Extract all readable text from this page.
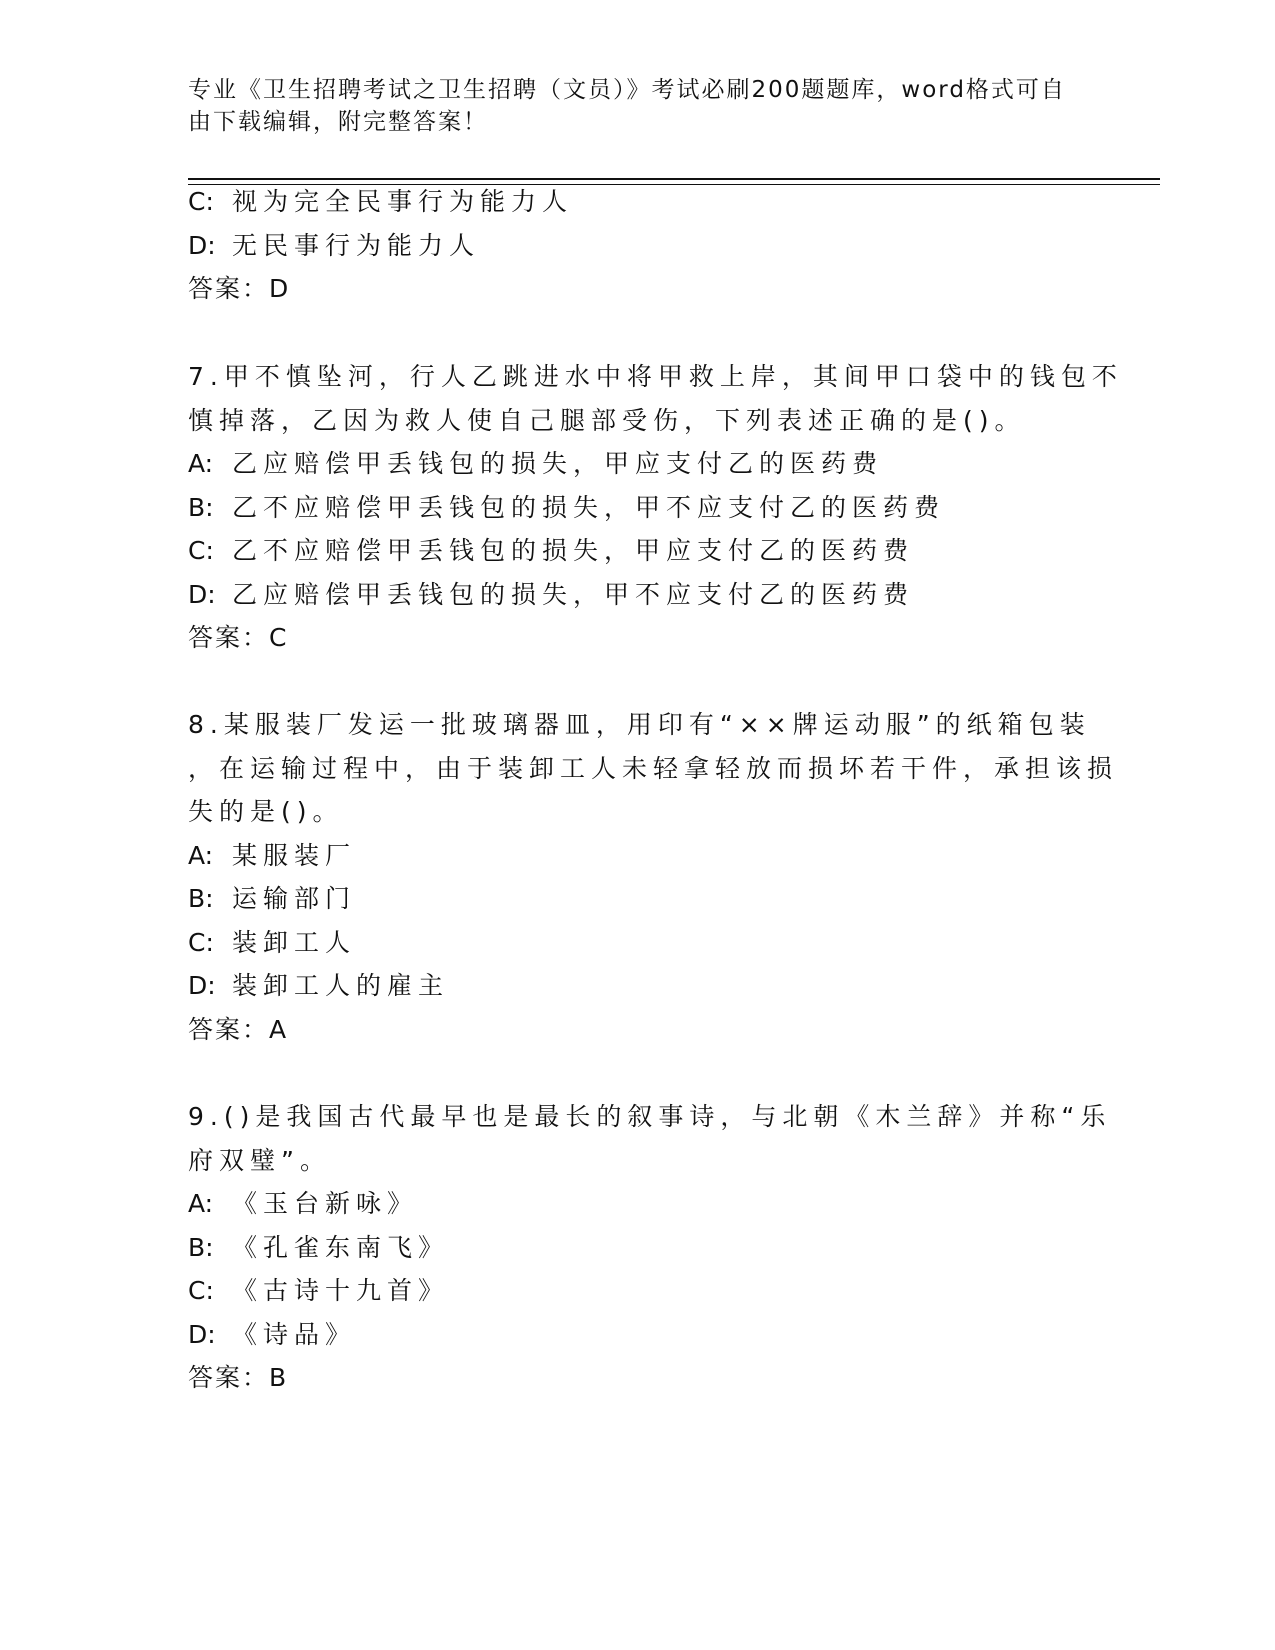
专业《卫生招聘考试之卫生招聘（文员）》考试必刷200题题库，word格式可自由下载编辑，附完整答案！
C: 视为完全民事行为能力人
D: 无民事行为能力人
答案：D
7.甲不慎坠河，行人乙跳进水中将甲救上岸，其间甲口袋中的钱包不
慎掉落，乙因为救人使自己腿部受伤，下列表述正确的是()。
A: 乙应赔偿甲丢钱包的损失，甲应支付乙的医药费
B: 乙不应赔偿甲丢钱包的损失，甲不应支付乙的医药费
C: 乙不应赔偿甲丢钱包的损失，甲应支付乙的医药费
D: 乙应赔偿甲丢钱包的损失，甲不应支付乙的医药费
答案：C
8.某服装厂发运一批玻璃器皿，用印有“××牌运动服”的纸箱包装
，在运输过程中，由于装卸工人未轻拿轻放而损坏若干件，承担该损
失的是()。
A: 某服装厂
B: 运输部门
C: 装卸工人
D: 装卸工人的雇主
答案：A
9.()是我国古代最早也是最长的叙事诗，与北朝《木兰辞》并称“乐
府双璧”。
A: 《玉台新咏》
B: 《孔雀东南飞》
C: 《古诗十九首》
D: 《诗品》
答案：B
